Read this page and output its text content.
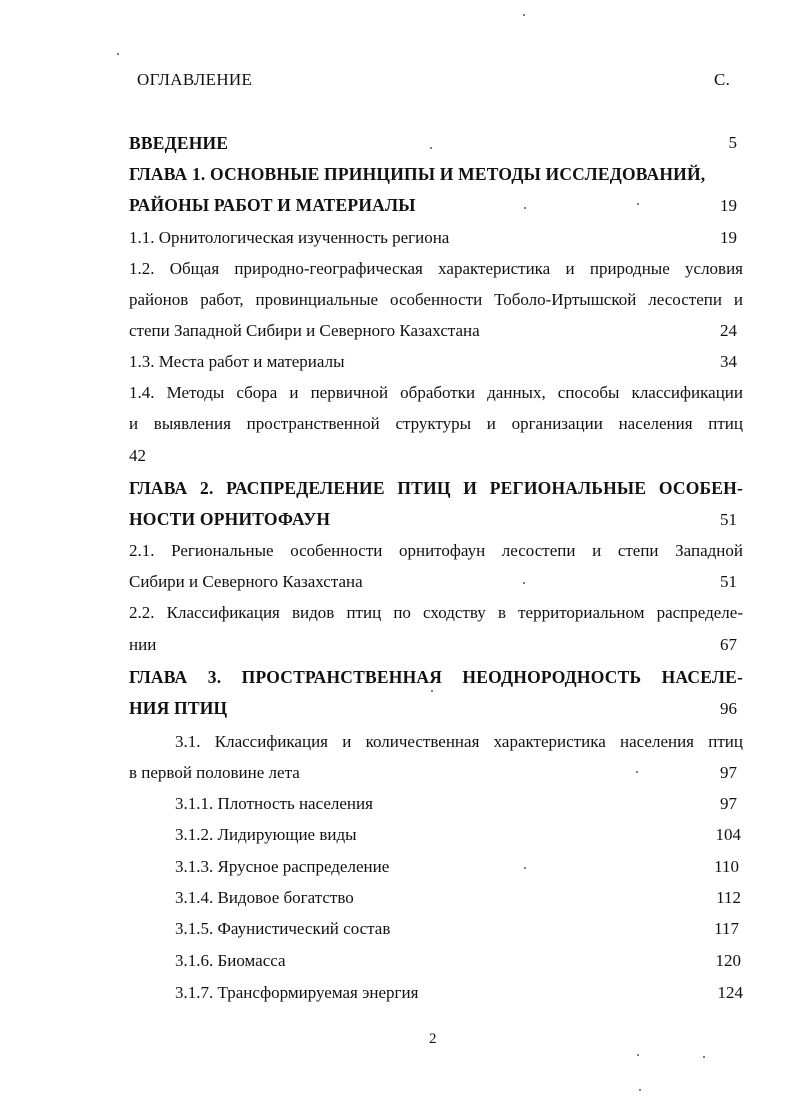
ОГЛАВЛЕНИЕ	С.
ВВЕДЕНИЕ	5
ГЛАВА 1. ОСНОВНЫЕ ПРИНЦИПЫ И МЕТОДЫ ИССЛЕДОВАНИЙ,
РАЙОНЫ РАБОТ И МАТЕРИАЛЫ	19
1.1. Орнитологическая изученность региона	19
1.2. Общая природно-географическая характеристика и природные условия
районов работ, провинциальные особенности Тоболо-Иртышской лесостепи и
степи Западной Сибири и Северного Казахстана	24
1.3. Места работ и материалы	34
1.4. Методы сбора и первичной обработки данных, способы классификации
и выявления пространственной структуры и организации населения птиц
42
ГЛАВА 2. РАСПРЕДЕЛЕНИЕ ПТИЦ И РЕГИОНАЛЬНЫЕ ОСОБЕН-
НОСТИ ОРНИТОФАУН	51
2.1. Региональные особенности орнитофаун лесостепи и степи Западной
Сибири и Северного Казахстана	51
2.2. Классификация видов птиц по сходству в территориальном распределе-
нии	67
ГЛАВА 3. ПРОСТРАНСТВЕННАЯ НЕОДНОРОДНОСТЬ НАСЕЛЕ-
НИЯ ПТИЦ	96
3.1. Классификация и количественная характеристика населения птиц
в первой половине лета	97
3.1.1. Плотность населения	97
3.1.2. Лидирующие виды	104
3.1.3. Ярусное распределение	110
3.1.4. Видовое богатство	112
3.1.5. Фаунистический состав	117
3.1.6. Биомасса	120
3.1.7. Трансформируемая энергия	124
2
